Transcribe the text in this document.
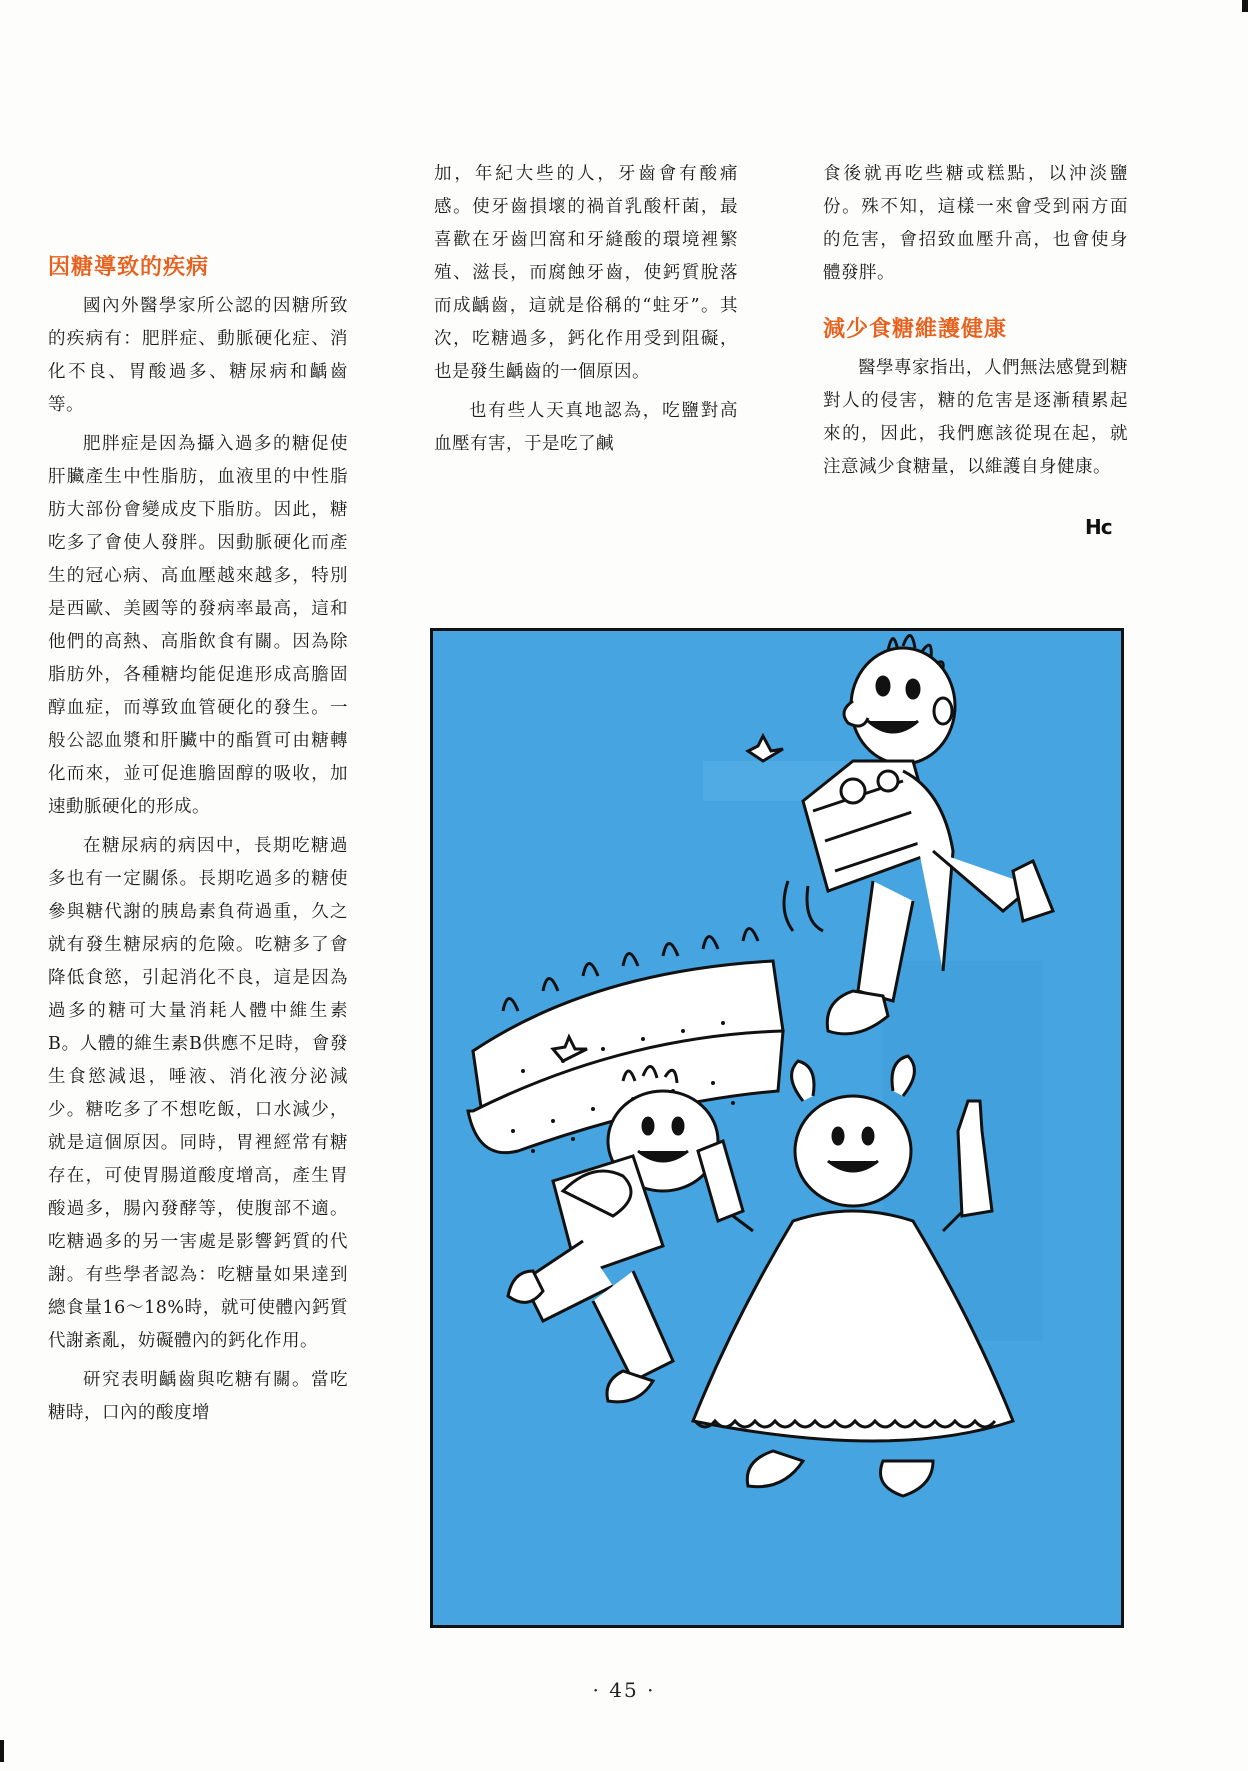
因糖導致的疾病

國內外醫學家所公認的因糖所致的疾病有：肥胖症、動脈硬化症、消化不良、胃酸過多、糖尿病和齲齒等。

肥胖症是因為攝入過多的糖促使肝臟產生中性脂肪，血液里的中性脂肪大部份會變成皮下脂肪。因此，糖吃多了會使人發胖。因動脈硬化而產生的冠心病、高血壓越來越多，特別是西歐、美國等的發病率最高，這和他們的高熱、高脂飲食有關。因為除脂肪外，各種糖均能促進形成高膽固醇血症，而導致血管硬化的發生。一般公認血漿和肝臟中的酯質可由糖轉化而來，並可促進膽固醇的吸收，加速動脈硬化的形成。

在糖尿病的病因中，長期吃糖過多也有一定關係。長期吃過多的糖使參與糖代謝的胰島素負荷過重，久之就有發生糖尿病的危險。吃糖多了會降低食慾，引起消化不良，這是因為過多的糖可大量消耗人體中維生素B。人體的維生素B供應不足時，會發生食慾減退，唾液、消化液分泌減少。糖吃多了不想吃飯，口水減少，就是這個原因。同時，胃裡經常有糖存在，可使胃腸道酸度增高，產生胃酸過多，腸內發酵等，使腹部不適。吃糖過多的另一害處是影響鈣質的代謝。有些學者認為：吃糖量如果達到總食量16～18%時，就可使體內鈣質代謝紊亂，妨礙體內的鈣化作用。

研究表明齲齒與吃糖有關。當吃糖時，口內的酸度增

加，年紀大些的人，牙齒會有酸痛感。使牙齒損壞的禍首乳酸杆菌，最喜歡在牙齒凹窩和牙縫酸的環境裡繁殖、滋長，而腐蝕牙齒，使鈣質脫落而成齲齒，這就是俗稱的“蛀牙”。其次，吃糖過多，鈣化作用受到阻礙，也是發生齲齒的一個原因。

也有些人天真地認為，吃鹽對高血壓有害，于是吃了鹹

食後就再吃些糖或糕點，以沖淡鹽份。殊不知，這樣一來會受到兩方面的危害，會招致血壓升高，也會使身體發胖。

減少食糖維護健康

醫學專家指出，人們無法感覺到糖對人的侵害，糖的危害是逐漸積累起來的，因此，我們應該從現在起，就注意減少食糖量，以維護自身健康。

Hc
· 45 ·
